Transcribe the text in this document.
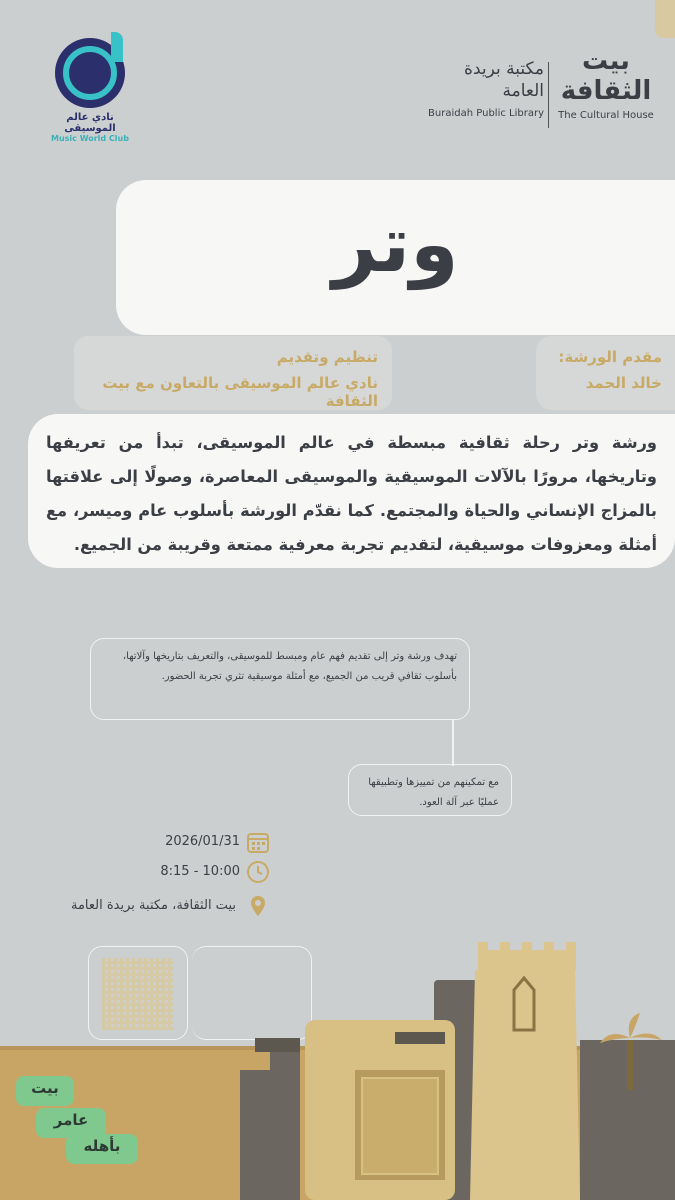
نادي عالم الموسيقى
Music World Club
مكتبة بريدة
العامة
Buraidah Public Library
بيت
الثقافة
The Cultural House
وتر
تنظيم وتقديم
نادي عالم الموسيقى بالتعاون مع بيت الثقافة
مقدم الورشة:
خالد الحمد

ورشة وتر رحلة ثقافية مبسطة في عالم الموسيقى، تبدأ من تعريفها وتاريخها، مرورًا بالآلات الموسيقية والموسيقى المعاصرة، وصولًا إلى علاقتها بالمزاج الإنساني والحياة والمجتمع. كما نقدّم الورشة بأسلوب عام وميسر، مع أمثلة ومعزوفات موسيقية، لتقديم تجربة معرفية ممتعة وقريبة من الجميع.

تهدف ورشة وتر إلى تقديم فهم عام ومبسط للموسيقى، والتعريف بتاريخها وآلاتها، بأسلوب ثقافي قريب من الجميع، مع أمثلة موسيقية تثري تجربة الحضور.
مع تمكينهم من تمييزها وتطبيقها عمليًا عبر آلة العود.
2026/01/31
8:15 - 10:00
بيت الثقافة، مكتبة بريدة العامة
بيت
عامر
بأهله
